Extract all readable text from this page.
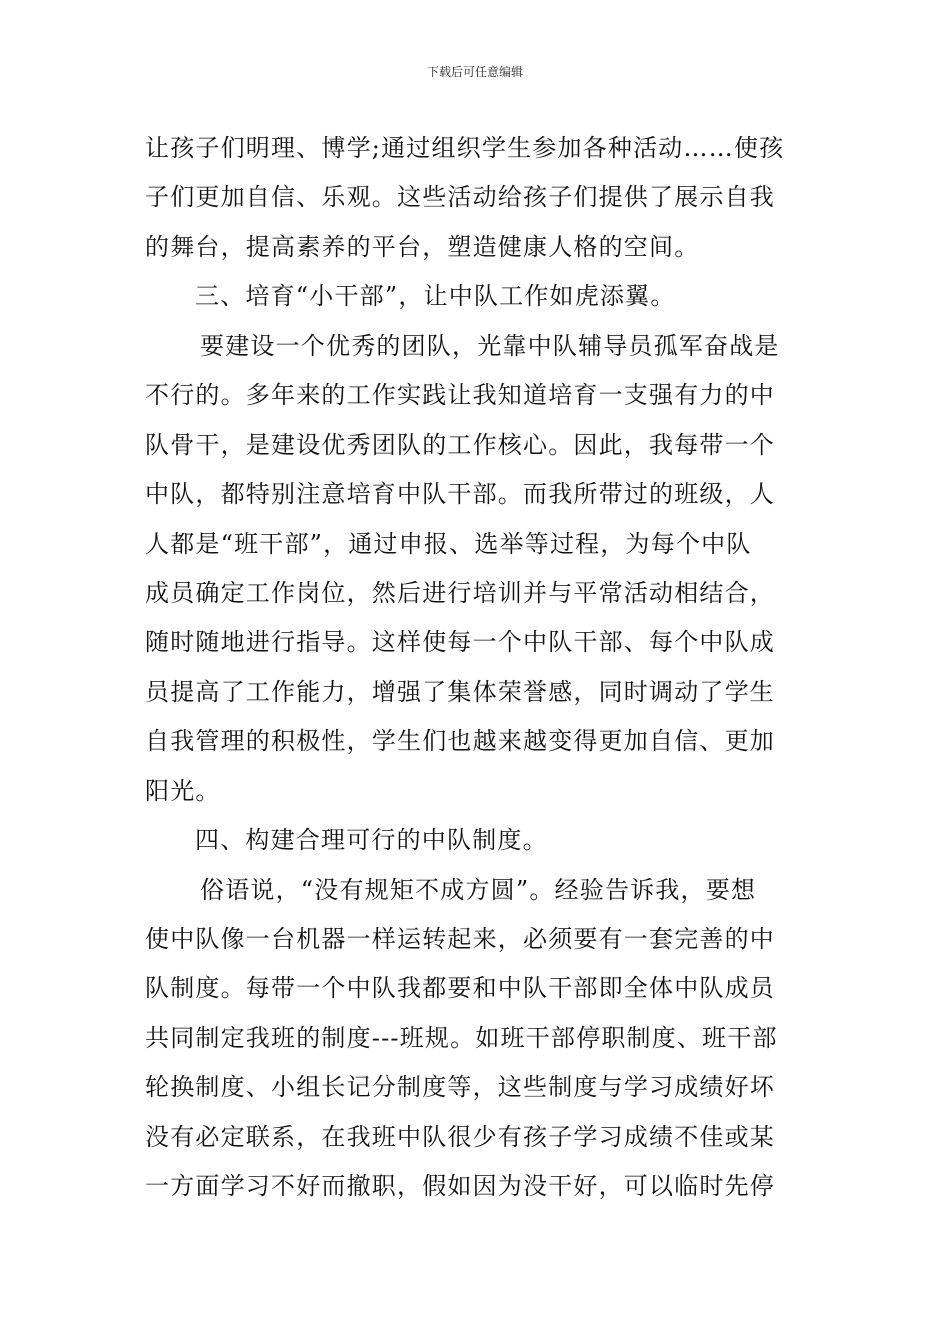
下载后可任意编辑
让孩子们明理、博学;通过组织学生参加各种活动……使孩
子们更加自信、乐观。这些活动给孩子们提供了展示自我
的舞台，提高素养的平台，塑造健康人格的空间。
三、培育“小干部”，让中队工作如虎添翼。
要建设一个优秀的团队，光靠中队辅导员孤军奋战是
不行的。多年来的工作实践让我知道培育一支强有力的中
队骨干，是建设优秀团队的工作核心。因此，我每带一个
中队，都特别注意培育中队干部。而我所带过的班级，人
人都是“班干部”，通过申报、选举等过程，为每个中队
成员确定工作岗位，然后进行培训并与平常活动相结合，
随时随地进行指导。这样使每一个中队干部、每个中队成
员提高了工作能力，增强了集体荣誉感，同时调动了学生
自我管理的积极性，学生们也越来越变得更加自信、更加
阳光。
四、构建合理可行的中队制度。
俗语说，“没有规矩不成方圆”。经验告诉我，要想
使中队像一台机器一样运转起来，必须要有一套完善的中
队制度。每带一个中队我都要和中队干部即全体中队成员
共同制定我班的制度---班规。如班干部停职制度、班干部
轮换制度、小组长记分制度等，这些制度与学习成绩好坏
没有必定联系，在我班中队很少有孩子学习成绩不佳或某
一方面学习不好而撤职，假如因为没干好，可以临时先停
